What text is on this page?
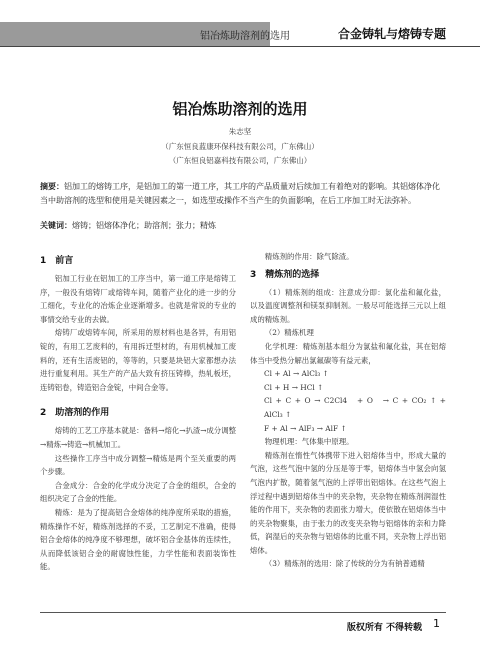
铝冶炼助溶剂的选用	合金铸轧与熔铸专题
铝冶炼助溶剂的选用
朱志坚
（广东恒良蓝康环保科技有限公司，广东佛山）
（广东恒良铝嘉科技有限公司，广东佛山）
摘要：铝加工的熔铸工序，是铝加工的第一道工序，其工序的产品质量对后续加工有着绝对的影响。其铝熔体净化当中助溶剂的选型和使用是关键因素之一，如选型或操作不当产生的负面影响，在后工序加工时无法弥补。
关键词：熔铸；铝熔体净化；助溶剂；张力；精炼
1　前言

铝加工行业在铝加工的工序当中，第一道工序是熔铸工序，一般没有熔铸厂或熔铸车间，随着产业化的进一步的分工细化，专业化的冶炼企业逐渐增多。也就是常说的专业的事情交给专业的去做。

熔铸厂或熔铸车间，所采用的原材料也是各异，有用铝锭的，有用工艺废料的，有用拆迁型材的，有用机械加工废料的，还有生活废铝的，等等的，只要是块铝大家都想办法进行重复利用。其生产的产品大致有挤压铸棒，热轧板坯，连铸铝卷，铸造铝合金锭，中间合金等。

2　助溶剂的作用

熔铸的工艺工序基本就是：备料→熔化→扒渣→成分调整→精炼→铸造→机械加工。

这些操作工序当中成分调整→精炼是两个至关重要的两个步骤。

合金成分：合金的化学成分决定了合金的组织，合金的组织决定了合金的性能。

精炼：是为了提高铝合金熔体的纯净度所采取的措施，精炼操作不好，精炼剂选择的不妥，工艺制定不准确，使得铝合金熔体的纯净度不够理想，破坏铝合金基体的连续性，从而降低该铝合金的耐腐蚀性能，力学性能和表面装饰性能。

精炼剂的作用：除气除渣。

3　精炼剂的选择

（1）精炼剂的组成：注意成分即：氯化盐和氟化盐，以及温度调整剂和镁泵抑制剂。一般尽可能选择三元以上组成的精炼剂。

（2）精炼机理

化学机理：精炼剂基本组分为氯盐和氟化盐，其在铝熔体当中受热分解出氯氟碳等有益元素，

Cl + Al → AlCl₃ ↑

Cl + H → HCl ↑

Cl + C + O → C2Cl4　+ O　→ C + CO₂ ↑ + AlCl₃ ↑

F + Al → AlF₃ → AlF ↑

物理机理：气体集中原理。

精炼剂在惰性气体携带下进入铝熔体当中，形成大量的气泡，这些气泡中氢的分压是等于零，铝熔体当中氢会向氢气泡内扩散，随着氢气泡的上浮带出铝熔体。在这些气泡上浮过程中遇到铝熔体当中的夹杂物，夹杂物在精炼剂润湿性能的作用下，夹杂物的表面张力增大，使依散在铝熔体当中的夹杂物聚集，由于张力的改变夹杂物与铝熔体的亲和力降低，润湿后的夹杂物与铝熔体的比重不同，夹杂物上浮出铝熔体。

（3）精炼剂的选用：除了传统的分为有钠普通精

版权所有 不得转载 1
